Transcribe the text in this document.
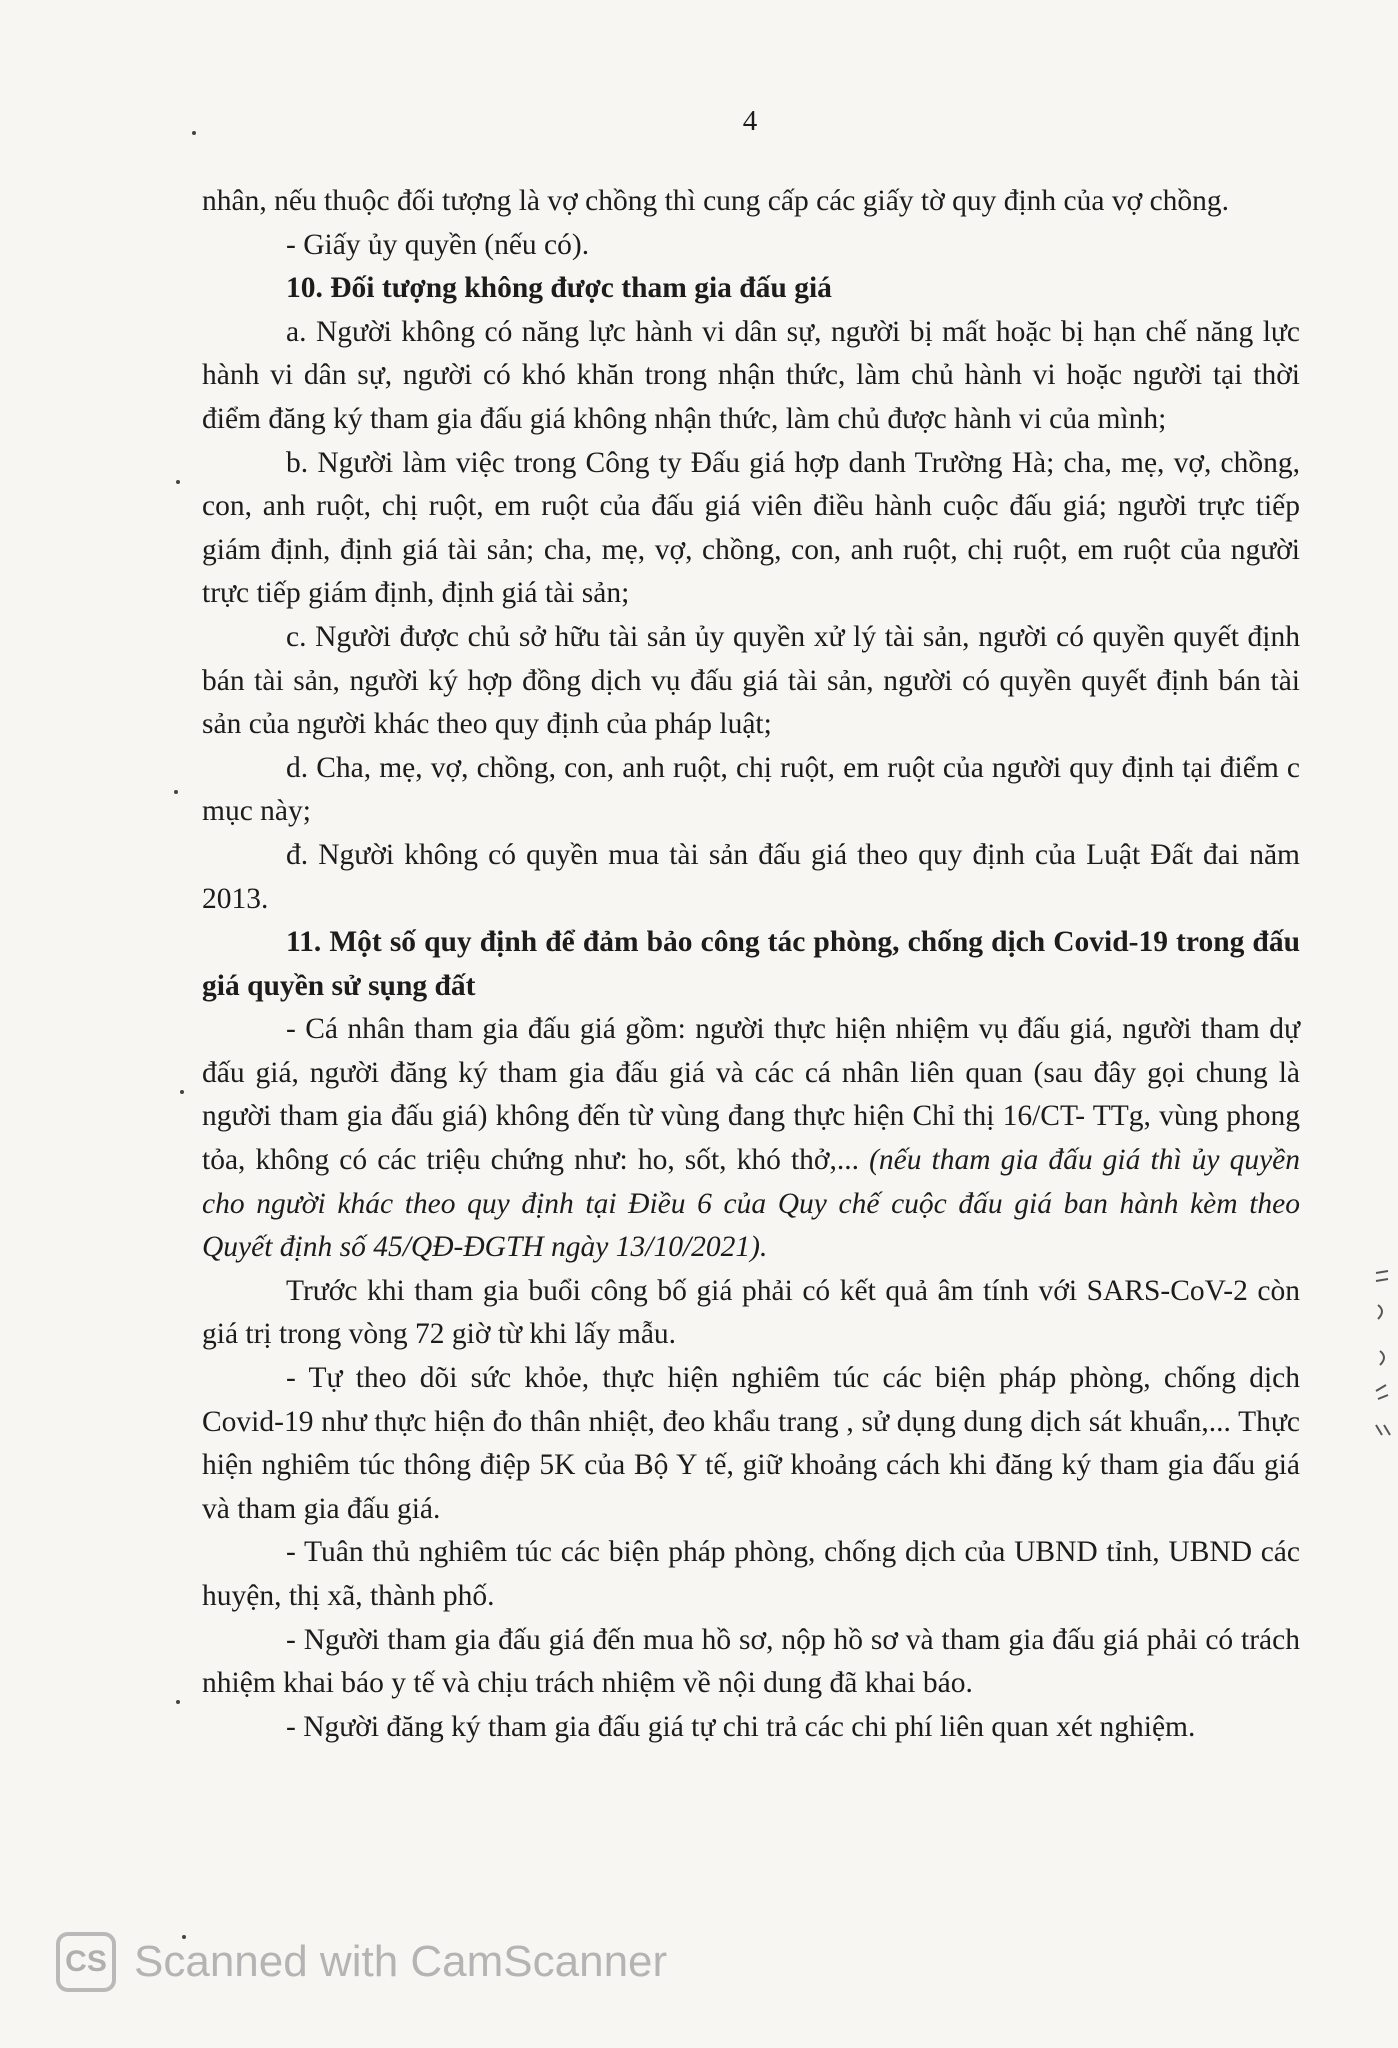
4

nhân, nếu thuộc đối tượng là vợ chồng thì cung cấp các giấy tờ quy định của vợ chồng.

- Giấy ủy quyền (nếu có).

10. Đối tượng không được tham gia đấu giá

a. Người không có năng lực hành vi dân sự, người bị mất hoặc bị hạn chế năng lực hành vi dân sự, người có khó khăn trong nhận thức, làm chủ hành vi hoặc người tại thời điểm đăng ký tham gia đấu giá không nhận thức, làm chủ được hành vi của mình;

b. Người làm việc trong Công ty Đấu giá hợp danh Trường Hà; cha, mẹ, vợ, chồng, con, anh ruột, chị ruột, em ruột của đấu giá viên điều hành cuộc đấu giá; người trực tiếp giám định, định giá tài sản; cha, mẹ, vợ, chồng, con, anh ruột, chị ruột, em ruột của người trực tiếp giám định, định giá tài sản;

c. Người được chủ sở hữu tài sản ủy quyền xử lý tài sản, người có quyền quyết định bán tài sản, người ký hợp đồng dịch vụ đấu giá tài sản, người có quyền quyết định bán tài sản của người khác theo quy định của pháp luật;

d. Cha, mẹ, vợ, chồng, con, anh ruột, chị ruột, em ruột của người quy định tại điểm c mục này;

đ. Người không có quyền mua tài sản đấu giá theo quy định của Luật Đất đai năm 2013.

11. Một số quy định để đảm bảo công tác phòng, chống dịch Covid-19 trong đấu giá quyền sử sụng đất

- Cá nhân tham gia đấu giá gồm: người thực hiện nhiệm vụ đấu giá, người tham dự đấu giá, người đăng ký tham gia đấu giá và các cá nhân liên quan (sau đây gọi chung là người tham gia đấu giá) không đến từ vùng đang thực hiện Chỉ thị 16/CT- TTg, vùng phong tỏa, không có các triệu chứng như: ho, sốt, khó thở,... (nếu tham gia đấu giá thì ủy quyền cho người khác theo quy định tại Điều 6 của Quy chế cuộc đấu giá ban hành kèm theo Quyết định số 45/QĐ-ĐGTH ngày 13/10/2021).

Trước khi tham gia buổi công bố giá phải có kết quả âm tính với SARS-CoV-2 còn giá trị trong vòng 72 giờ từ khi lấy mẫu.

- Tự theo dõi sức khỏe, thực hiện nghiêm túc các biện pháp phòng, chống dịch Covid-19 như thực hiện đo thân nhiệt, đeo khẩu trang , sử dụng dung dịch sát khuẩn,... Thực hiện nghiêm túc thông điệp 5K của Bộ Y tế, giữ khoảng cách khi đăng ký tham gia đấu giá và tham gia đấu giá.

- Tuân thủ nghiêm túc các biện pháp phòng, chống dịch của UBND tỉnh, UBND các huyện, thị xã, thành phố.

- Người tham gia đấu giá đến mua hồ sơ, nộp hồ sơ và tham gia đấu giá phải có trách nhiệm khai báo y tế và chịu trách nhiệm về nội dung đã khai báo.

- Người đăng ký tham gia đấu giá tự chi trả các chi phí liên quan xét nghiệm.

CS Scanned with CamScanner
